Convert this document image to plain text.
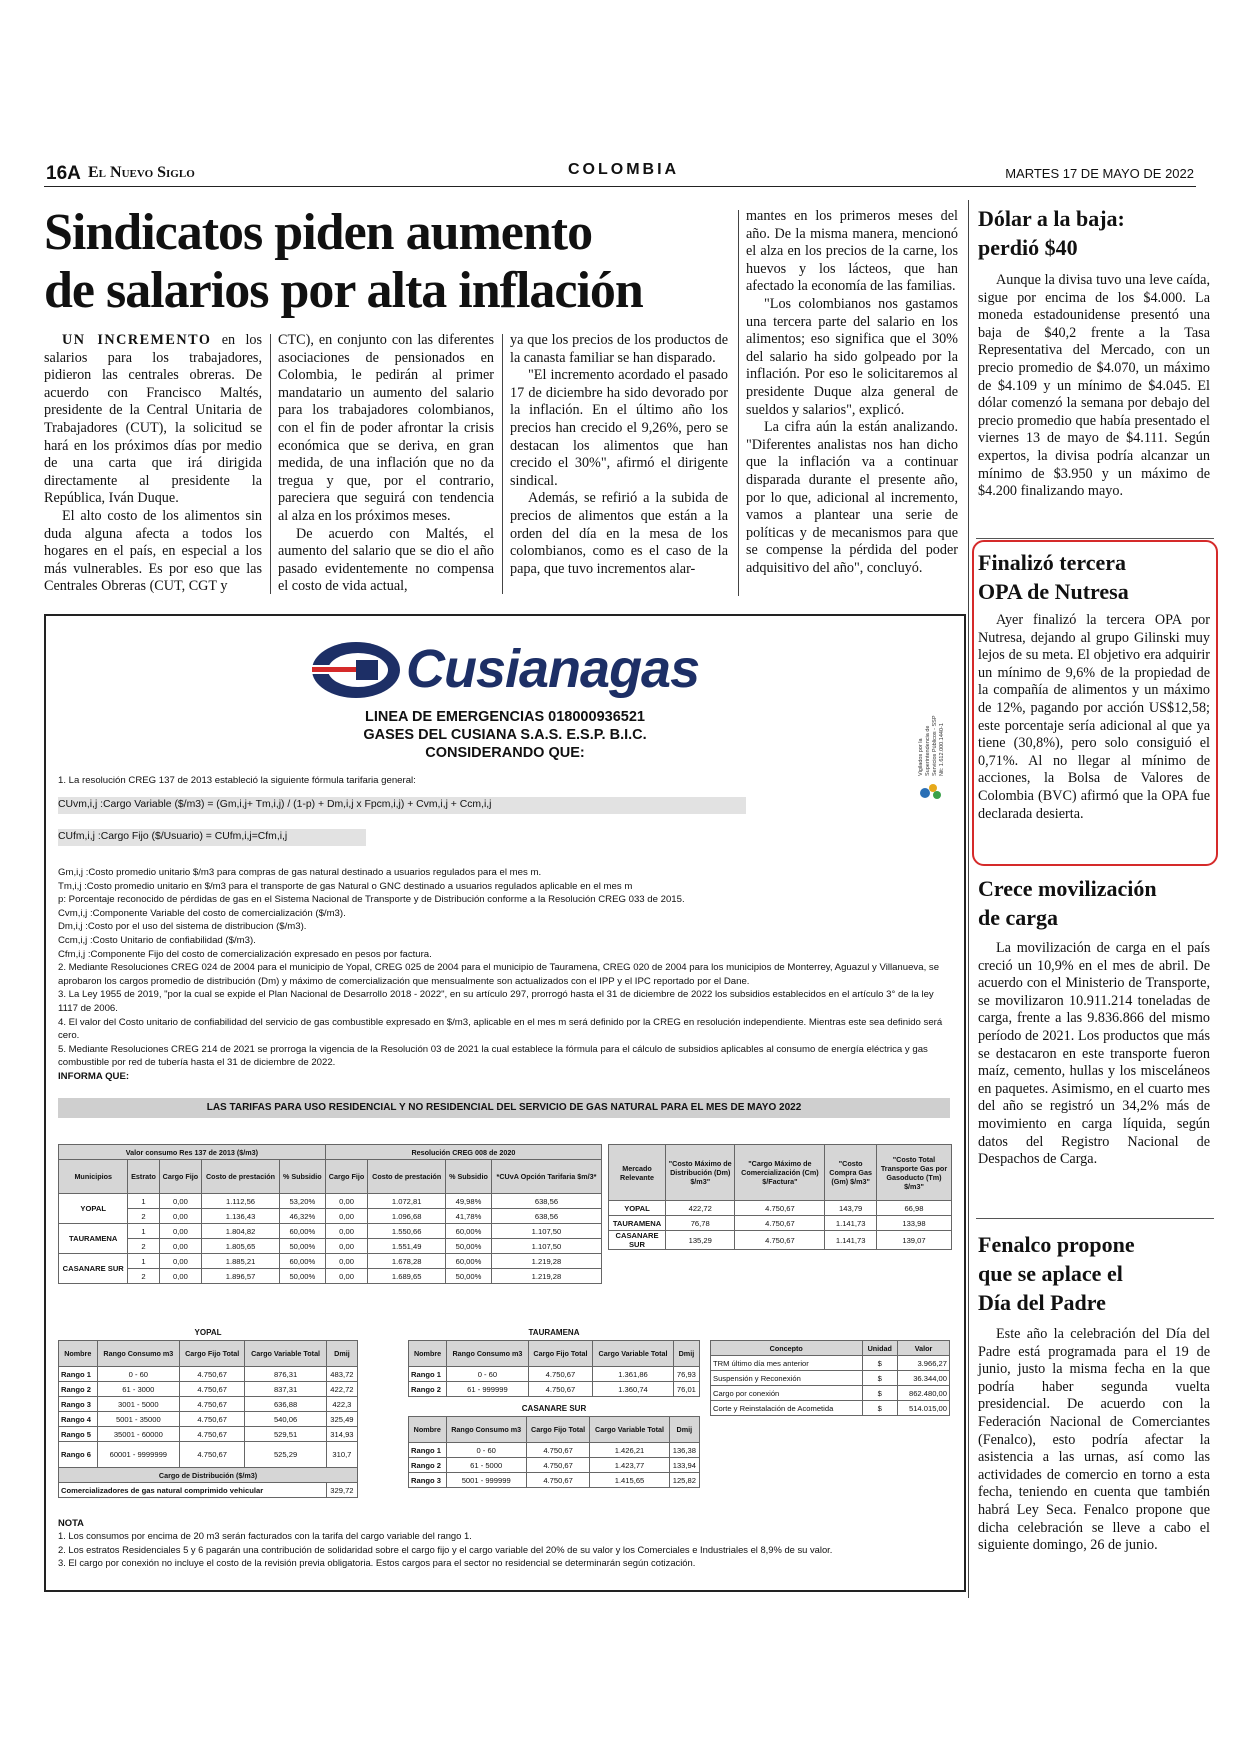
16A El Nuevo Siglo	COLOMBIA	MARTES 17 DE MAYO DE 2022
Sindicatos piden aumento
de salarios por alta inflación

mantes en los primeros meses del año. De la misma manera, mencionó el alza en los precios de la carne, los huevos y los lácteos, que han afectado la economía de las familias.

"Los colombianos nos gastamos una tercera parte del salario en los alimentos; eso significa que el 30% del salario ha sido golpeado por la inflación. Por eso le solicitaremos al presidente Duque alza general de sueldos y salarios", explicó.

La cifra aún la están analizando. "Diferentes analistas nos han dicho que la inflación va a continuar disparada durante el presente año, por lo que, adicional al incremento, vamos a plantear una serie de políticas y de mecanismos para que se compense la pérdida del poder adquisitivo del año", concluyó.

UN INCREMENTO en los salarios para los trabajadores, pidieron las centrales obreras. De acuerdo con Francisco Maltés, presidente de la Central Unitaria de Trabajadores (CUT), la solicitud se hará en los próximos días por medio de una carta que irá dirigida directamente al presidente la República, Iván Duque.

El alto costo de los alimentos sin duda alguna afecta a todos los hogares en el país, en especial a los más vulnerables. Es por eso que las Centrales Obreras (CUT, CGT y

CTC), en conjunto con las diferentes asociaciones de pensionados en Colombia, le pedirán al primer mandatario un aumento del salario para los trabajadores colombianos, con el fin de poder afrontar la crisis económica que se deriva, en gran medida, de una inflación que no da tregua y que, por el contrario, pareciera que seguirá con tendencia al alza en los próximos meses.

De acuerdo con Maltés, el aumento del salario que se dio el año pasado evidentemente no compensa el costo de vida actual,

ya que los precios de los productos de la canasta familiar se han disparado.

"El incremento acordado el pasado 17 de diciembre ha sido devorado por la inflación. En el último año los precios han crecido el 9,26%, pero se destacan los alimentos que han crecido el 30%", afirmó el dirigente sindical.

Además, se refirió a la subida de precios de alimentos que están a la orden del día en la mesa de los colombianos, como es el caso de la papa, que tuvo incrementos alar-

Dólar a la baja:
perdió $40

Aunque la divisa tuvo una leve caída, sigue por encima de los $4.000. La moneda estadounidense presentó una baja de $40,2 frente a la Tasa Representativa del Mercado, con un precio promedio de $4.070, un máximo de $4.109 y un mínimo de $4.045. El dólar comenzó la semana por debajo del precio promedio que había presentado el viernes 13 de mayo de $4.111. Según expertos, la divisa podría alcanzar un mínimo de $3.950 y un máximo de $4.200 finalizando mayo.

Finalizó tercera
OPA de Nutresa

Ayer finalizó la tercera OPA por Nutresa, dejando al grupo Gilinski muy lejos de su meta. El objetivo era adquirir un mínimo de 9,6% de la propiedad de la compañía de alimentos y un máximo de 12%, pagando por acción US$12,58; este porcentaje sería adicional al que ya tiene (30,8%), pero solo consiguió el 0,71%. Al no llegar al mínimo de acciones, la Bolsa de Valores de Colombia (BVC) afirmó que la OPA fue declarada desierta.

Crece movilización
de carga

La movilización de carga en el país creció un 10,9% en el mes de abril. De acuerdo con el Ministerio de Transporte, se movilizaron 10.911.214 toneladas de carga, frente a las 9.836.866 del mismo período de 2021. Los productos que más se destacaron en este transporte fueron maíz, cemento, hullas y los misceláneos en paquetes. Asimismo, en el cuarto mes del año se registró un 34,2% más de movimiento en carga líquida, según datos del Registro Nacional de Despachos de Carga.

Fenalco propone
que se aplace el
Día del Padre

Este año la celebración del Día del Padre está programada para el 19 de junio, justo la misma fecha en la que podría haber segunda vuelta presidencial. De acuerdo con la Federación Nacional de Comerciantes (Fenalco), esto podría afectar la asistencia a las urnas, así como las actividades de comercio en torno a esta fecha, teniendo en cuenta que también habrá Ley Seca. Fenalco propone que dicha celebración se lleve a cabo el siguiente domingo, 26 de junio.

Cusianagas
LINEA DE EMERGENCIAS 018000936521
GASES DEL CUSIANA S.A.S. E.S.P. B.I.C.
CONSIDERANDO QUE:	Vigilados por la Superintendencia de Servicios Públicos - SSP Nit: 1.612.000.1440-1
1. La resolución CREG 137 de 2013 estableció la siguiente fórmula tarifaria general:
CUvm,i,j :Cargo Variable ($/m3) = (Gm,i,j+ Tm,i,j) / (1-p) + Dm,i,j x Fpcm,i,j) + Cvm,i,j + Ccm,i,j
CUfm,i,j :Cargo Fijo ($/Usuario) = CUfm,i,j=Cfm,i,j
Gm,i,j :Costo promedio unitario $/m3 para compras de gas natural destinado a usuarios regulados para el mes m.
Tm,i,j :Costo promedio unitario en $/m3 para el transporte de gas Natural o GNC destinado a usuarios regulados aplicable en el mes m
p: Porcentaje reconocido de pérdidas de gas en el Sistema Nacional de Transporte y de Distribución conforme a la Resolución CREG 033 de 2015.
Cvm,i,j :Componente Variable del costo de comercialización ($/m3).
Dm,i,j :Costo por el uso del sistema de distribucion ($/m3).
Ccm,i,j :Costo Unitario de confiabilidad ($/m3).
Cfm,i,j :Componente Fijo del costo de comercialización expresado en pesos por factura.
2. Mediante Resoluciones CREG 024 de 2004 para el municipio de Yopal, CREG 025 de 2004 para el municipio de Tauramena, CREG 020 de 2004 para los municipios de Monterrey, Aguazul y Villanueva, se aprobaron los cargos promedio de distribución (Dm) y máximo de comercialización que mensualmente son actualizados con el IPP y el IPC reportado por el Dane.
3. La Ley 1955 de 2019, "por la cual se expide el Plan Nacional de Desarrollo 2018 - 2022", en su artículo 297, prorrogó hasta el 31 de diciembre de 2022 los subsidios establecidos en el artículo 3° de la ley 1117 de 2006.
4. El valor del Costo unitario de confiabilidad del servicio de gas combustible expresado en $/m3, aplicable en el mes m será definido por la CREG en resolución independiente. Mientras este sea definido será cero.
5. Mediante Resoluciones CREG 214 de 2021 se prorroga la vigencia de la Resolución 03 de 2021 la cual establece la fórmula para el cálculo de subsidios aplicables al consumo de energía eléctrica y gas combustible por red de tubería hasta el 31 de diciembre de 2022.
INFORMA QUE:
LAS TARIFAS PARA USO RESIDENCIAL Y NO RESIDENCIAL DEL SERVICIO DE GAS NATURAL PARA EL MES DE MAYO 2022
Valor consumo Res 137 de 2013 ($/m3)					Resolución CREG 008 de 2020			
Municipios	Estrato	Cargo Fijo	Costo de prestación	% Subsidio	Cargo Fijo	Costo de prestación	% Subsidio	*CUvA Opción Tarifaria $m/3*
YOPAL	1	0,00	1.112,56	53,20%	0,00	1.072,81	49,98%	638,56
	2	0,00	1.136,43	46,32%	0,00	1.096,68	41,78%	638,56
TAURAMENA	1	0,00	1.804,82	60,00%	0,00	1.550,66	60,00%	1.107,50
	2	0,00	1.805,65	50,00%	0,00	1.551,49	50,00%	1.107,50
CASANARE SUR	1	0,00	1.885,21	60,00%	0,00	1.678,28	60,00%	1.219,28
	2	0,00	1.896,57	50,00%	0,00	1.689,65	50,00%	1.219,28
Mercado Relevante	"Costo Máximo de Distribución (Dm) $/m3"	"Cargo Máximo de Comercialización (Cm) $/Factura"	"Costo Compra Gas (Gm) $/m3"	"Costo Total Transporte Gas por Gasoducto (Tm) $/m3"
YOPAL	422,72	4.750,67	143,79	66,98
TAURAMENA	76,78	4.750,67	1.141,73	133,98
CASANARE SUR	135,29	4.750,67	1.141,73	139,07
YOPAL
Nombre	Rango Consumo m3	Cargo Fijo Total	Cargo Variable Total	Dmij
Rango 1	0 - 60	4.750,67	876,31	483,72
Rango 2	61 - 3000	4.750,67	837,31	422,72
Rango 3	3001 - 5000	4.750,67	636,88	422,3
Rango 4	5001 - 35000	4.750,67	540,06	325,49
Rango 5	35001 - 60000	4.750,67	529,51	314,93
Rango 6	60001 - 9999999	4.750,67	525,29	310,7
Cargo de Distribución ($/m3)				
Comercializadores de gas natural comprimido vehicular				329,72
TAURAMENA
Nombre	Rango Consumo m3	Cargo Fijo Total	Cargo Variable Total	Dmij
Rango 1	0 - 60	4.750,67	1.361,86	76,93
Rango 2	61 - 999999	4.750,67	1.360,74	76,01
CASANARE SUR
Nombre	Rango Consumo m3	Cargo Fijo Total	Cargo Variable Total	Dmij
Rango 1	0 - 60	4.750,67	1.426,21	136,38
Rango 2	61 - 5000	4.750,67	1.423,77	133,94
Rango 3	5001 - 999999	4.750,67	1.415,65	125,82
Concepto	Unidad	Valor
TRM último día mes anterior	$	3.966,27
Suspensión y Reconexión	$	36.344,00
Cargo por conexión	$	862.480,00
Corte y Reinstalación de Acometida	$	514.015,00
NOTA
1. Los consumos por encima de 20 m3 serán facturados con la tarifa del cargo variable del rango 1.
2. Los estratos Residenciales 5 y 6 pagarán una contribución de solidaridad sobre el cargo fijo y el cargo variable del 20% de su valor y los Comerciales e Industriales el 8,9% de su valor.
3. El cargo por conexión no incluye el costo de la revisión previa obligatoria. Estos cargos para el sector no residencial se determinarán según cotización.
